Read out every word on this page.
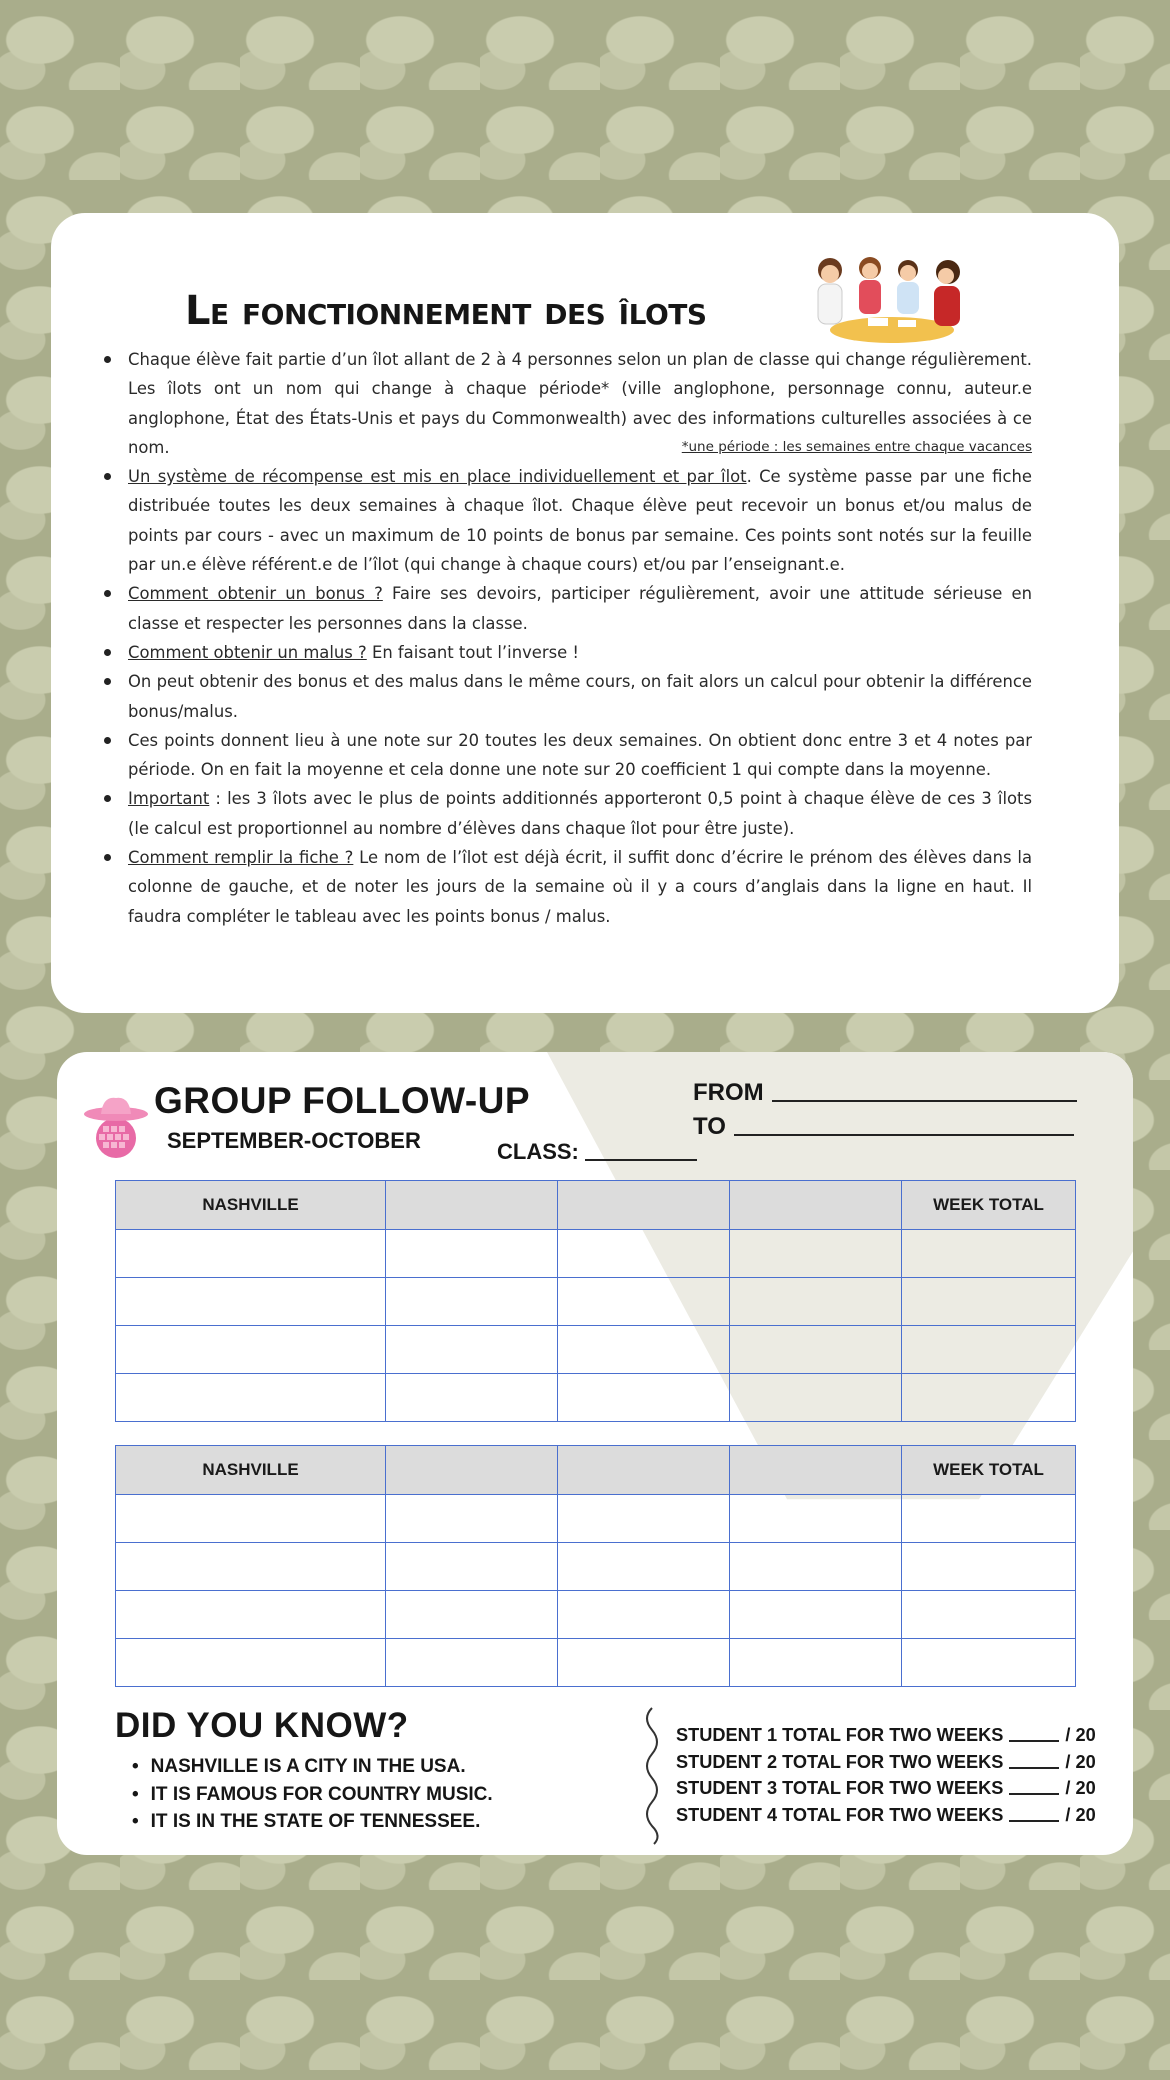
Le fonctionnement des îlots
Chaque élève fait partie d’un îlot allant de 2 à 4 personnes selon un plan de classe qui change régulièrement. Les îlots ont un nom qui change à chaque période* (ville anglophone, personnage connu, auteur.e anglophone, État des États-Unis et pays du Commonwealth) avec des informations culturelles associées à ce nom.	*une période : les semaines entre chaque vacances
Un système de récompense est mis en place individuellement et par îlot. Ce système passe par une fiche distribuée toutes les deux semaines à chaque îlot. Chaque élève peut recevoir un bonus et/ou malus de points par cours - avec un maximum de 10 points de bonus par semaine. Ces points sont notés sur la feuille par un.e élève référent.e de l’îlot (qui change à chaque cours) et/ou par l’enseignant.e.
Comment obtenir un bonus ? Faire ses devoirs, participer régulièrement, avoir une attitude sérieuse en classe et respecter les personnes dans la classe.
Comment obtenir un malus ? En faisant tout l’inverse !
On peut obtenir des bonus et des malus dans le même cours, on fait alors un calcul pour obtenir la différence bonus/malus.
Ces points donnent lieu à une note sur 20 toutes les deux semaines. On obtient donc entre 3 et 4 notes par période. On en fait la moyenne et cela donne une note sur 20 coefficient 1 qui compte dans la moyenne.
Important : les 3 îlots avec le plus de points additionnés apporteront 0,5 point à chaque élève de ces 3 îlots (le calcul est proportionnel au nombre d’élèves dans chaque îlot pour être juste).
Comment remplir la fiche ? Le nom de l’îlot est déjà écrit, il suffit donc d’écrire le prénom des élèves dans la colonne de gauche, et de noter les jours de la semaine où il y a cours d’anglais dans la ligne en haut. Il faudra compléter le tableau avec les points bonus / malus.
GROUP FOLLOW-UP
SEPTEMBER-OCTOBER	CLASS:
FROM
TO
NASHVILLE				WEEK TOTAL

NASHVILLE				WEEK TOTAL

DID YOU KNOW?
• NASHVILLE IS A CITY IN THE USA.
• IT IS FAMOUS FOR COUNTRY MUSIC.
• IT IS IN THE STATE OF TENNESSEE.
STUDENT 1 TOTAL FOR TWO WEEKS	/ 20
STUDENT 2 TOTAL FOR TWO WEEKS	/ 20
STUDENT 3 TOTAL FOR TWO WEEKS	/ 20
STUDENT 4 TOTAL FOR TWO WEEKS	/ 20
